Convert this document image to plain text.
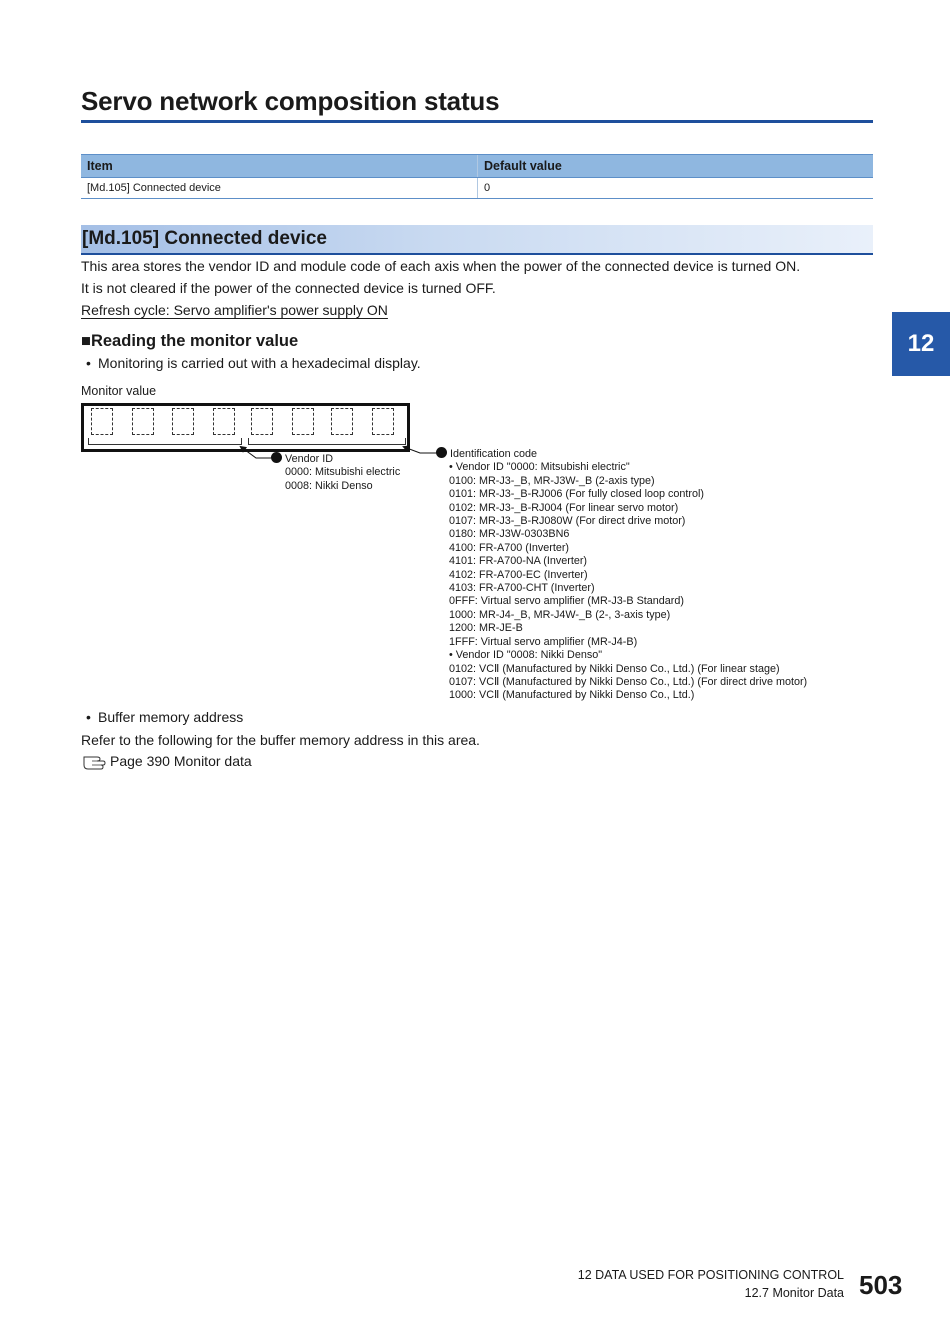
Servo network composition status
Item	Default value
[Md.105] Connected device	0
[Md.105] Connected device
This area stores the vendor ID and module code of each axis when the power of the connected device is turned ON.
It is not cleared if the power of the connected device is turned OFF.
Refresh cycle: Servo amplifier's power supply ON
■Reading the monitor value
• Monitoring is carried out with a hexadecimal display.
Monitor value
Vendor ID
0000: Mitsubishi electric
0008: Nikki Denso
Identification code
• Vendor ID "0000: Mitsubishi electric"
0100: MR-J3-_B, MR-J3W-_B (2-axis type)
0101: MR-J3-_B-RJ006 (For fully closed loop control)
0102: MR-J3-_B-RJ004 (For linear servo motor)
0107: MR-J3-_B-RJ080W (For direct drive motor)
0180: MR-J3W-0303BN6
4100: FR-A700 (Inverter)
4101: FR-A700-NA (Inverter)
4102: FR-A700-EC (Inverter)
4103: FR-A700-CHT (Inverter)
0FFF: Virtual servo amplifier (MR-J3-B Standard)
1000: MR-J4-_B, MR-J4W-_B (2-, 3-axis type)
1200: MR-JE-B
1FFF: Virtual servo amplifier (MR-J4-B)
• Vendor ID "0008: Nikki Denso"
0102: VCⅡ (Manufactured by Nikki Denso Co., Ltd.) (For linear stage)
0107: VCⅡ (Manufactured by Nikki Denso Co., Ltd.) (For direct drive motor)
1000: VCⅡ (Manufactured by Nikki Denso Co., Ltd.)
• Buffer memory address
Refer to the following for the buffer memory address in this area.
Page 390 Monitor data
12
12 DATA USED FOR POSITIONING CONTROL
12.7 Monitor Data 503
